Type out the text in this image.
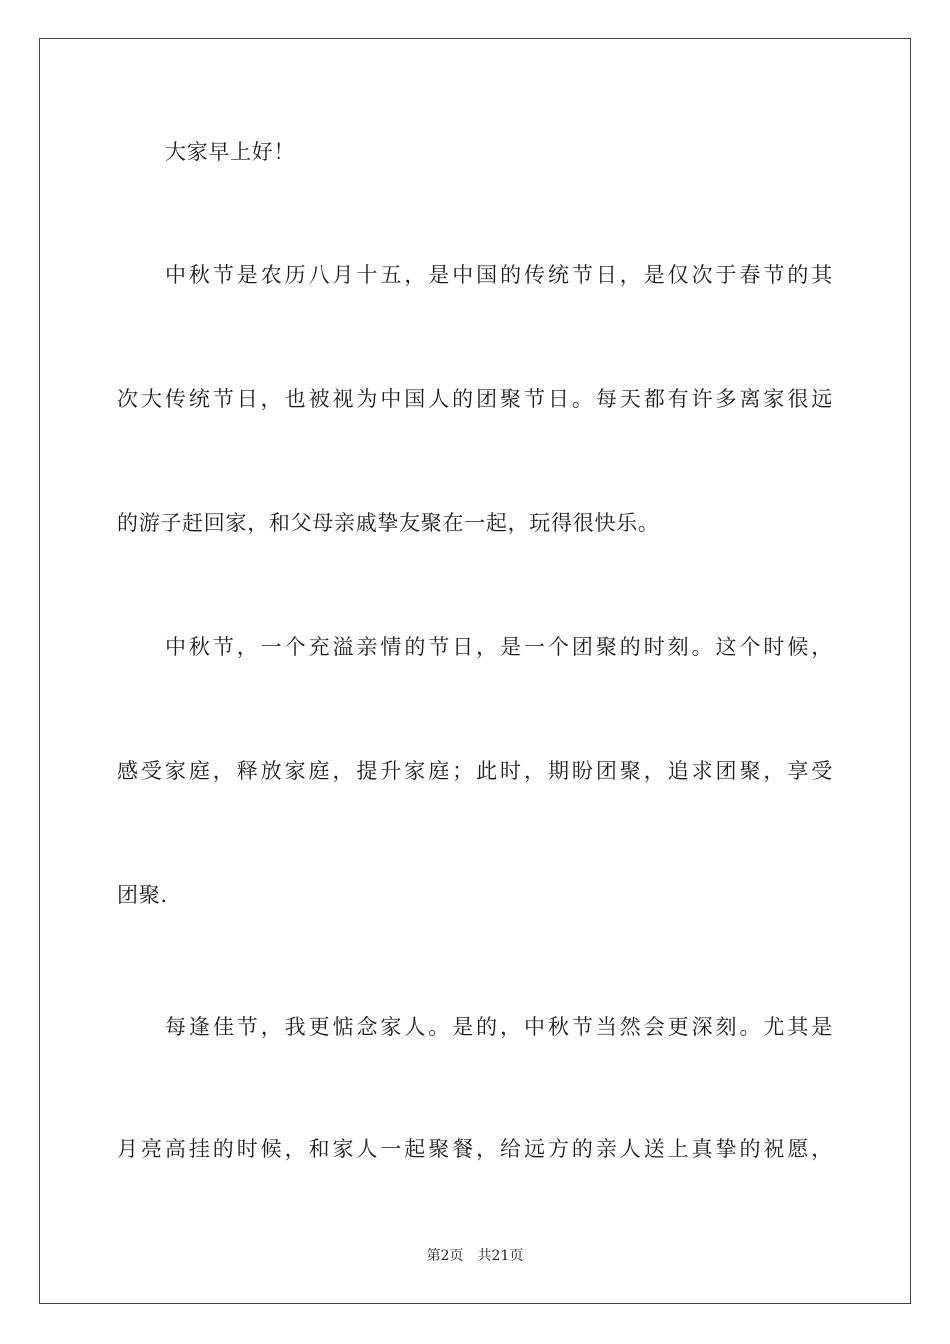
大家早上好！
中秋节是农历八月十五，是中国的传统节日，是仅次于春节的其
次大传统节日，也被视为中国人的团聚节日。每天都有许多离家很远
的游子赶回家，和父母亲戚挚友聚在一起，玩得很快乐。
中秋节，一个充溢亲情的节日，是一个团聚的时刻。这个时候，
感受家庭，释放家庭，提升家庭；此时，期盼团聚，追求团聚，享受
团聚.
每逢佳节，我更惦念家人。是的，中秋节当然会更深刻。尤其是
月亮高挂的时候，和家人一起聚餐，给远方的亲人送上真挚的祝愿，
第2页 共21页
